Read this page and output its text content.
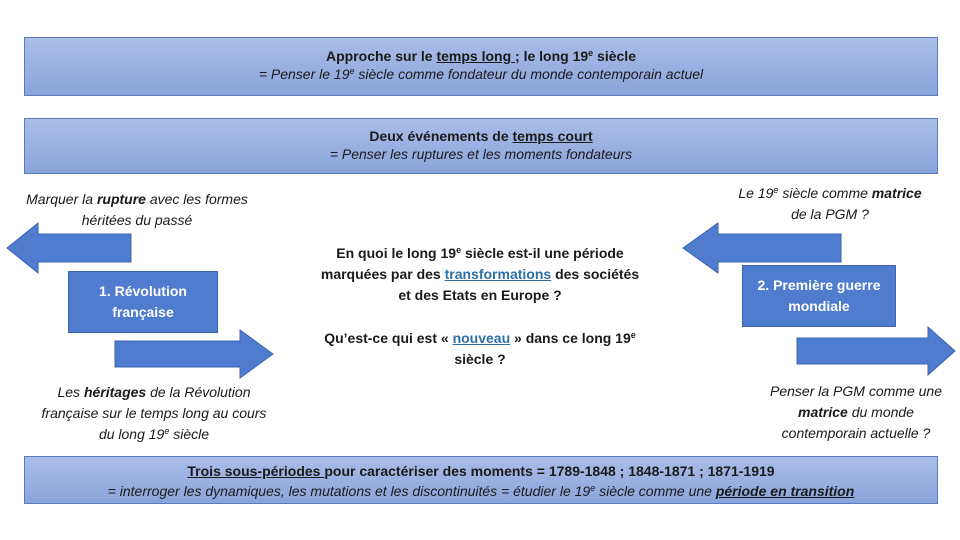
Approche sur le temps long ; le long 19e siècle
= Penser le 19e siècle comme fondateur du monde contemporain actuel
Deux événements de temps court
= Penser les ruptures et les moments fondateurs
Marquer la rupture avec les formes héritées du passé
1. Révolution française
Les héritages de la Révolution française sur le temps long au cours du long 19e siècle
En quoi le long 19e siècle est-il une période marquées par des transformations des sociétés et des Etats en Europe ?
Qu’est-ce qui est « nouveau » dans ce long 19e siècle ?
Le 19e siècle comme matrice de la PGM ?
2. Première guerre mondiale
Penser la PGM comme une matrice du monde contemporain actuelle ?
Trois sous-périodes pour caractériser des moments = 1789-1848 ; 1848-1871 ; 1871-1919
= interroger les dynamiques, les mutations et les discontinuités = étudier le 19e siècle comme une période en transition
